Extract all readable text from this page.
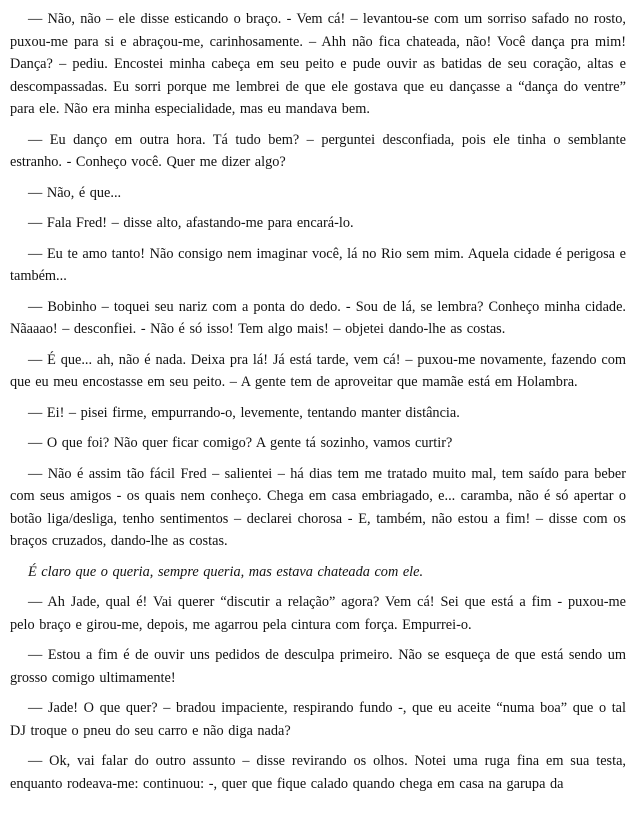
— Não, não – ele disse esticando o braço. - Vem cá! – levantou-se com um sorriso safado no rosto, puxou-me para si e abraçou-me, carinhosamente. – Ahh não fica chateada, não! Você dança pra mim! Dança? – pediu. Encostei minha cabeça em seu peito e pude ouvir as batidas de seu coração, altas e descompassadas. Eu sorri porque me lembrei de que ele gostava que eu dançasse a “dança do ventre” para ele. Não era minha especialidade, mas eu mandava bem.

— Eu danço em outra hora. Tá tudo bem? – perguntei desconfiada, pois ele tinha o semblante estranho. - Conheço você. Quer me dizer algo?

— Não, é que...

— Fala Fred! – disse alto, afastando-me para encará-lo.

— Eu te amo tanto! Não consigo nem imaginar você, lá no Rio sem mim. Aquela cidade é perigosa e também...

— Bobinho – toquei seu nariz com a ponta do dedo. - Sou de lá, se lembra? Conheço minha cidade. Nãaaao! – desconfiei. - Não é só isso! Tem algo mais! – objetei dando-lhe as costas.

— É que... ah, não é nada. Deixa pra lá! Já está tarde, vem cá! – puxou-me novamente, fazendo com que eu meu encostasse em seu peito. – A gente tem de aproveitar que mamãe está em Holambra.

— Ei! – pisei firme, empurrando-o, levemente, tentando manter distância.

— O que foi? Não quer ficar comigo? A gente tá sozinho, vamos curtir?

— Não é assim tão fácil Fred – salientei – há dias tem me tratado muito mal, tem saído para beber com seus amigos - os quais nem conheço. Chega em casa embriagado, e... caramba, não é só apertar o botão liga/desliga, tenho sentimentos – declarei chorosa - E, também, não estou a fim! – disse com os braços cruzados, dando-lhe as costas.

É claro que o queria, sempre queria, mas estava chateada com ele.

— Ah Jade, qual é! Vai querer “discutir a relação” agora? Vem cá! Sei que está a fim - puxou-me pelo braço e girou-me, depois, me agarrou pela cintura com força. Empurrei-o.

— Estou a fim é de ouvir uns pedidos de desculpa primeiro. Não se esqueça de que está sendo um grosso comigo ultimamente!

— Jade! O que quer? – bradou impaciente, respirando fundo -, que eu aceite “numa boa” que o tal DJ troque o pneu do seu carro e não diga nada?

— Ok, vai falar do outro assunto – disse revirando os olhos. Notei uma ruga fina em sua testa, enquanto rodeava-me: continuou: -, quer que fique calado quando chega em casa na garupa da
